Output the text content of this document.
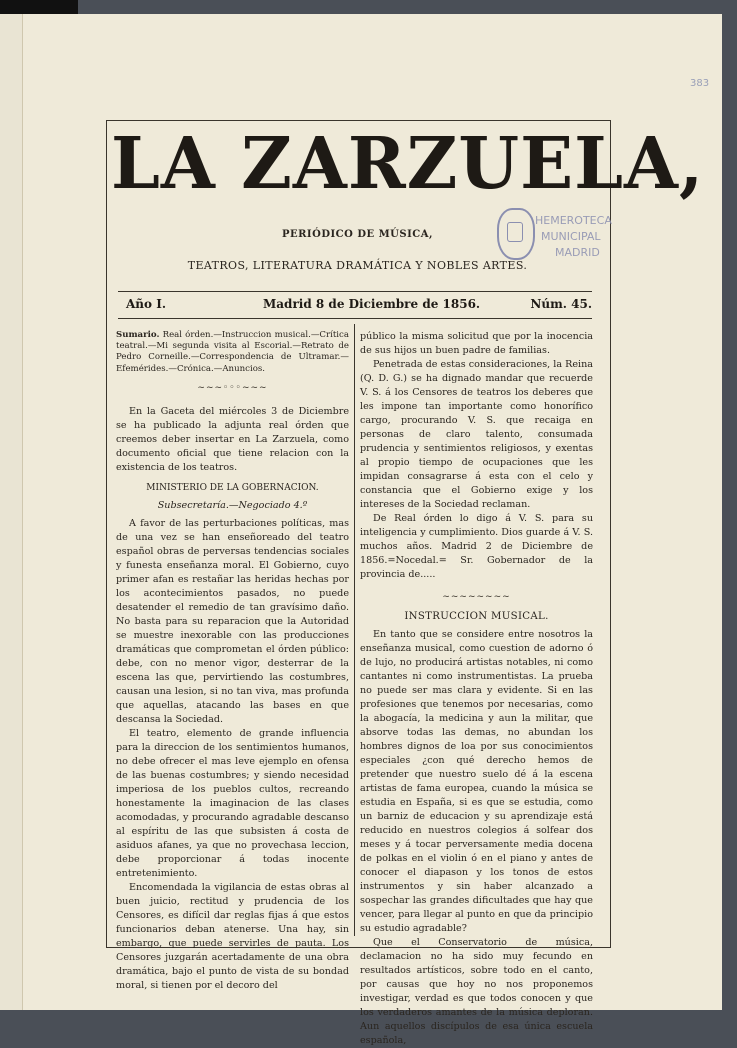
383
LA ZARZUELA,
PERIÓDICO DE MÚSICA,
TEATROS, LITERATURA DRAMÁTICA Y NOBLES ARTES.
HEMEROTECA
MUNICIPAL
MADRID
Año I.	Madrid 8 de Diciembre de 1856.	Núm. 45.

Sumario. Real órden.—Instruccion musical.—Crítica teatral.—Mi segunda visita al Escorial.—Retrato de Pedro Corneille.—Correspondencia de Ultramar.—Efemérides.—Crónica.—Anuncios.

~~~◦◦◦~~~

En la Gaceta del miércoles 3 de Diciembre se ha publicado la adjunta real órden que creemos deber insertar en La Zarzuela, como documento oficial que tiene relacion con la existencia de los teatros.

MINISTERIO DE LA GOBERNACION.

Subsecretaría.—Negociado 4.º

A favor de las perturbaciones políticas, mas de una vez se han enseñoreado del teatro español obras de perversas tendencias sociales y funesta enseñanza moral. El Gobierno, cuyo primer afan es restañar las heridas hechas por los acontecimientos pasados, no puede desatender el remedio de tan gravísimo daño. No basta para su reparacion que la Autoridad se muestre inexorable con las producciones dramáticas que comprometan el órden público: debe, con no menor vigor, desterrar de la escena las que, pervirtiendo las costumbres, causan una lesion, si no tan viva, mas profunda que aquellas, atacando las bases en que descansa la Sociedad.

El teatro, elemento de grande influencia para la direccion de los sentimientos humanos, no debe ofrecer el mas leve ejemplo en ofensa de las buenas costumbres; y siendo necesidad imperiosa de los pueblos cultos, recreando honestamente la imaginacion de las clases acomodadas, y procurando agradable descanso al espíritu de las que subsisten á costa de asiduos afanes, ya que no provechasa leccion, debe proporcionar á todas inocente entretenimiento.

Encomendada la vigilancia de estas obras al buen juicio, rectitud y prudencia de los Censores, es difícil dar reglas fijas á que estos funcionarios deban atenerse. Una hay, sin embargo, que puede servirles de pauta. Los Censores juzgarán acertadamente de una obra dramática, bajo el punto de vista de su bondad moral, si tienen por el decoro del

público la misma solicitud que por la inocencia de sus hijos un buen padre de familias.

Penetrada de estas consideraciones, la Reina (Q. D. G.) se ha dignado mandar que recuerde V. S. á los Censores de teatros los deberes que les impone tan importante como honorífico cargo, procurando V. S. que recaiga en personas de claro talento, consumada prudencia y sentimientos religiosos, y exentas al propio tiempo de ocupaciones que les impidan consagrarse á esta con el celo y constancia que el Gobierno exige y los intereses de la Sociedad reclaman.

De Real órden lo digo á V. S. para su inteligencia y cumplimiento. Dios guarde á V. S. muchos años. Madrid 2 de Diciembre de 1856.=Nocedal.= Sr. Gobernador de la provincia de.....

~~~~~~~~
INSTRUCCION MUSICAL.

En tanto que se considere entre nosotros la enseñanza musical, como cuestion de adorno ó de lujo, no producirá artistas notables, ni como cantantes ni como instrumentistas. La prueba no puede ser mas clara y evidente. Si en las profesiones que tenemos por necesarias, como la abogacía, la medicina y aun la militar, que absorve todas las demas, no abundan los hombres dignos de loa por sus conocimientos especiales ¿con qué derecho hemos de pretender que nuestro suelo dé á la escena artistas de fama europea, cuando la música se estudia en España, si es que se estudia, como un barniz de educacion y su aprendizaje está reducido en nuestros colegios á solfear dos meses y á tocar perversamente media docena de polkas en el violin ó en el piano y antes de conocer el diapason y los tonos de estos instrumentos y sin haber alcanzado a sospechar las grandes dificultades que hay que vencer, para llegar al punto en que da principio su estudio agradable?

Que el Conservatorio de música, declamacion no ha sido muy fecundo en resultados artísticos, sobre todo en el canto, por causas que hoy no nos proponemos investigar, verdad es que todos conocen y que los verdaderos amantes de la música deploran. Aun aquellos discípulos de esa única escuela española,
